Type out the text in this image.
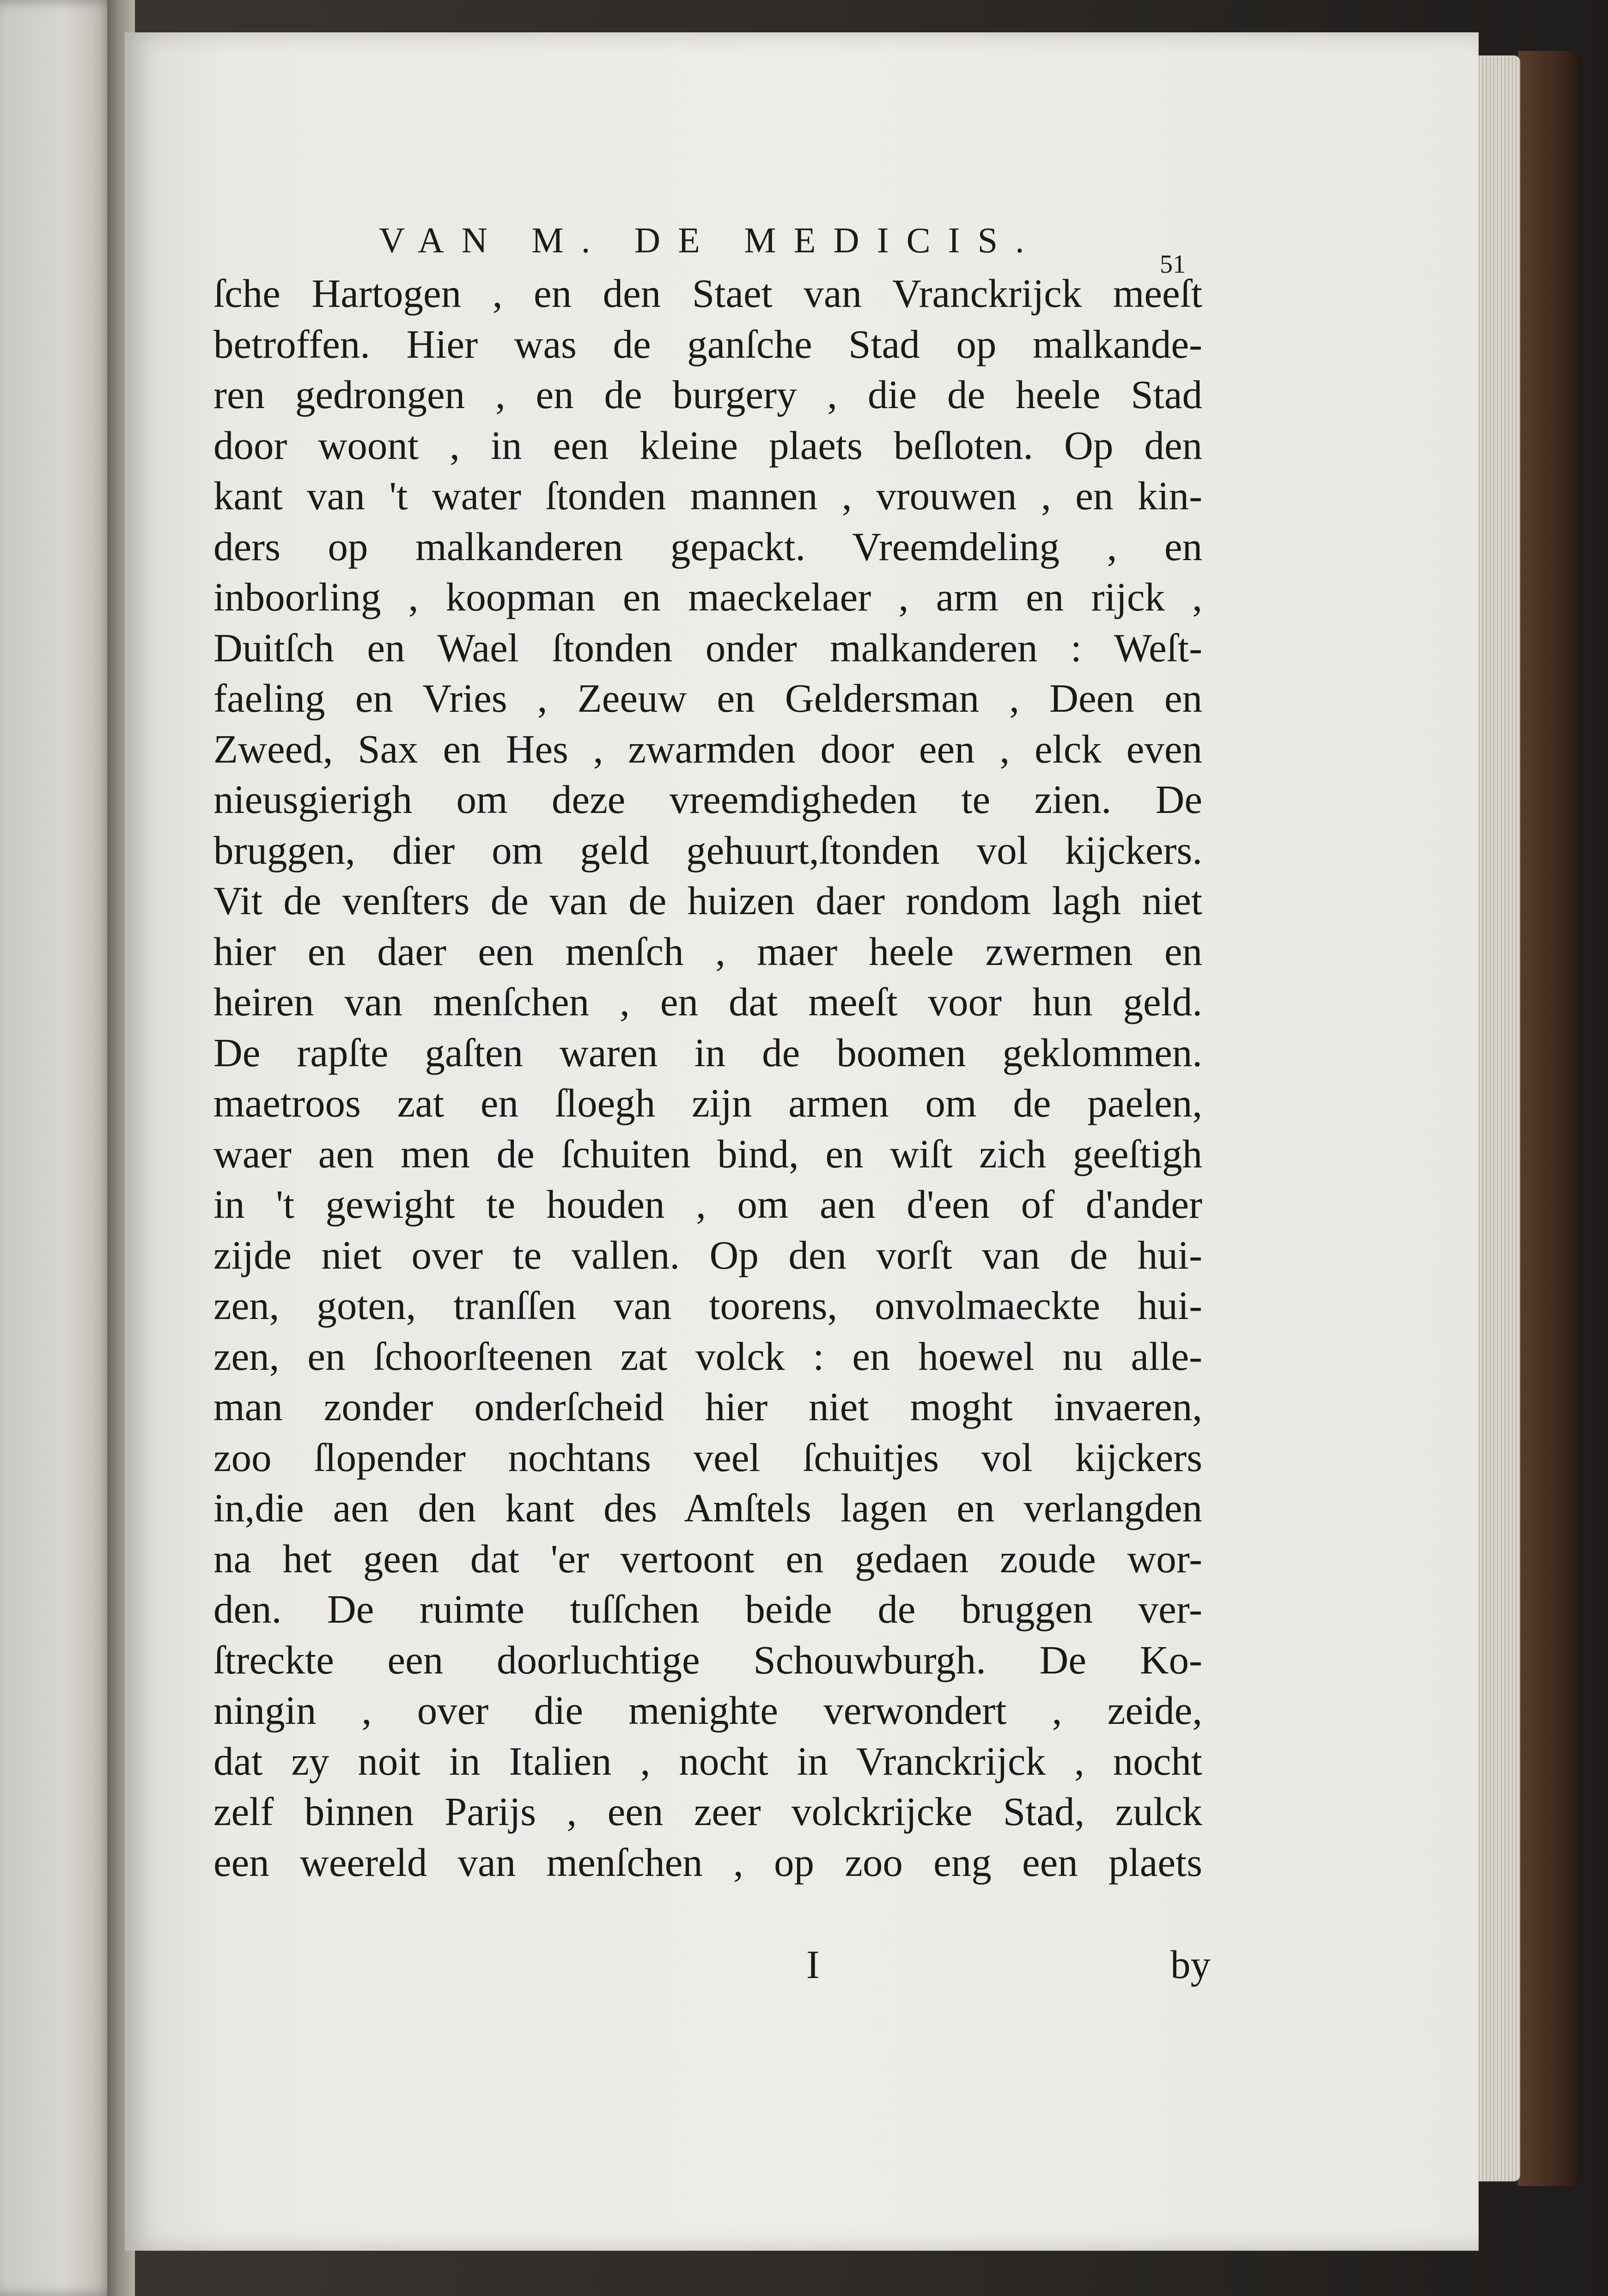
VAN M. DE MEDICIS.
51
ſche Hartogen , en den Staet van Vranckrijck meeſt
betroffen. Hier was de ganſche Stad op malkande-
ren gedrongen , en de burgery , die de heele Stad
door woont , in een kleine plaets beſloten. Op den
kant van 't water ſtonden mannen , vrouwen , en kin-
ders op malkanderen gepackt. Vreemdeling , en
inboorling , koopman en maeckelaer , arm en rijck ,
Duitſch en Wael ſtonden onder malkanderen : Weſt-
faeling en Vries , Zeeuw en Geldersman , Deen en
Zweed, Sax en Hes , zwarmden door een , elck even
nieusgierigh om deze vreemdigheden te zien. De
bruggen, dier om geld gehuurt,ſtonden vol kijckers.
Vit de venſters de van de huizen daer rondom lagh niet
hier en daer een menſch , maer heele zwermen en
heiren van menſchen , en dat meeſt voor hun geld.
De rapſte gaſten waren in de boomen geklommen.
maetroos zat en ſloegh zijn armen om de paelen,
waer aen men de ſchuiten bind, en wiſt zich geeſtigh
in 't gewight te houden , om aen d'een of d'ander
zijde niet over te vallen. Op den vorſt van de hui-
zen, goten, tranſſen van toorens, onvolmaeckte hui-
zen, en ſchoorſteenen zat volck : en hoewel nu alle-
man zonder onderſcheid hier niet moght invaeren,
zoo ſlopender nochtans veel ſchuitjes vol kijckers
in,die aen den kant des Amſtels lagen en verlangden
na het geen dat 'er vertoont en gedaen zoude wor-
den. De ruimte tuſſchen beide de bruggen ver-
ſtreckte een doorluchtige Schouwburgh. De Ko-
ningin , over die menighte verwondert , zeide,
dat zy noit in Italien , nocht in Vranckrijck , nocht
zelf binnen Parijs , een zeer volckrijcke Stad, zulck
een weereld van menſchen , op zoo eng een plaets
I	by
